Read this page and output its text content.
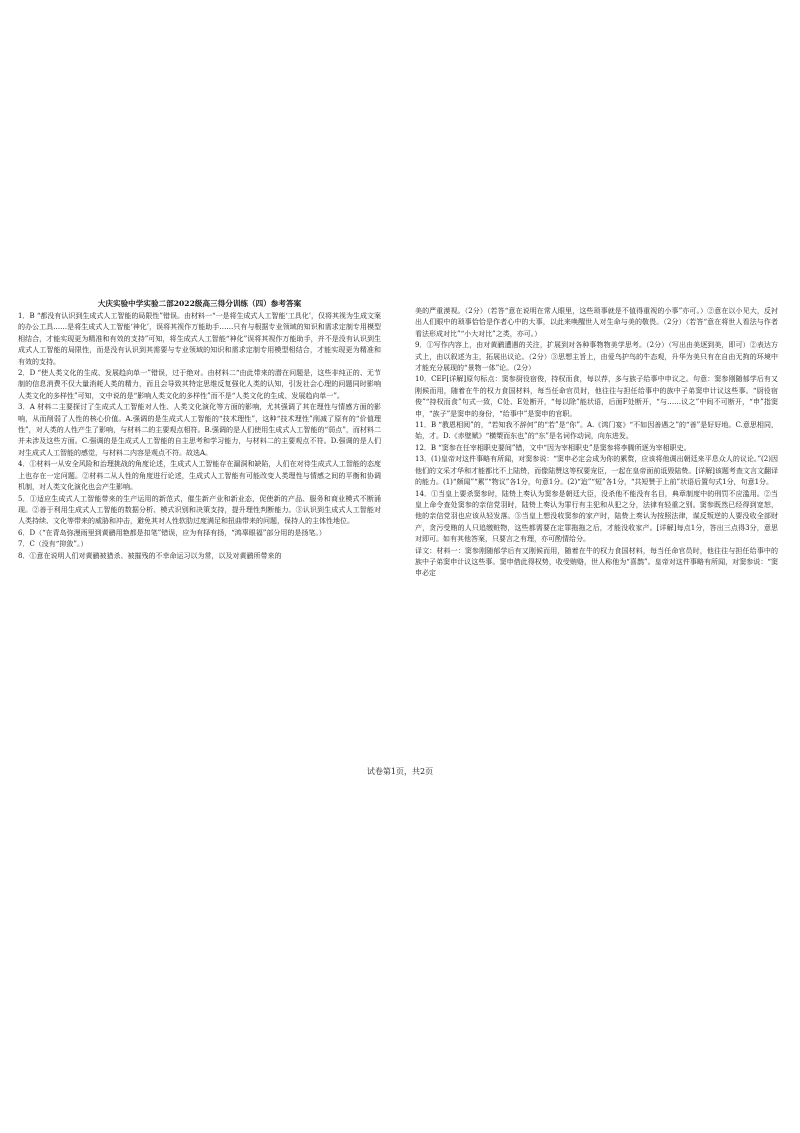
大庆实验中学实验二部2022级高三得分训练（四）参考答案

1．B “都没有认识到生成式人工智能的局限性”错误。由材料一“一是将生成式人工智能‘工具化’，仅将其视为生成文案的办公工具……是将生成式人工智能‘神化’，误将其视作万能助手……只有与根据专业领域的知识和需求定制专用模型相结合，才能实现更为精准和有效的支持”可知，将生成式人工智能“神化”误将其视作万能助手，并不是没有认识到生成式人工智能的局限性，而是没有认识到其需要与专业领域的知识和需求定制专用模型相结合，才能实现更为精准和有效的支持。

2．D “使人类文化的生成、发展趋向单一”错误，过于绝对。由材料二“由此带来的潜在问题是，这些非纯正的、无节制的信息消费不仅大量消耗人类的精力，而且会导致其特定思维反复强化人类的认知，引发社会心理的问题同时影响人类文化的多样性”可知，文中说的是“影响人类文化的多样性”而不是“人类文化的生成、发展趋向单一”。

3．A 材料二主要探讨了生成式人工智能对人性、人类文化演化等方面的影响，尤其强调了其在理性与情感方面的影响，从而削弱了人性的核心价值。A.强调的是生成式人工智能的“技术理性”，这种“技术理性”削减了原有的“价值理性”，对人类的人性产生了影响，与材料二的主要观点相符。B.强调的是人们使用生成式人工智能的“弱点”，而材料二并未涉及这些方面。C.强调的是生成式人工智能的自主思考和学习能力，与材料二的主要观点不符。D.强调的是人们对生成式人工智能的感觉，与材料二内容是观点不符。故选A。

4．①材料一从安全风险和治理挑战的角度论述，生成式人工智能存在漏洞和缺陷，人们在对待生成式人工智能的态度上也存在一定问题。②材料二从人性的角度进行论述，生成式人工智能有可能改变人类理性与情感之间的平衡和协调机制，对人类文化演化也会产生影响。

5．①适应生成式人工智能带来的生产运用的新范式，催生新产业和新业态，促使新的产品、服务和商业模式不断涌现。②善于利用生成式人工智能的数据分析、模式识别和决策支持，提升理性判断能力。③认识到生成式人工智能对人类持续、文化等带来的威胁和冲击，避免其对人性软肋过度满足和扭曲带来的问题，保持人的主体性地位。

6．D（“在青岛弥漫雨里到黄鹂用艳都是扣笔”错误，应为有择有扬，“鸿辜眼福”部分用的是扬笔。）

7．C（没有“抑敛”。）

8．①意在说明人们对黄鹂被猎杀、被摧残的不幸命运习以为常，以及对黄鹂所带来的

美的严重漠视。（2分）（若答“意在说明在常人眼里，这些琐事就是不值得重视的小事”亦可。）②意在以小见大，反衬出人们眼中的琐事恰恰是作者心中的大事，以此来唤醒世人对生命与美的敬畏。（2分）（若答“意在将世人看法与作者看法形成对比”“小大对比”之类，亦可。）

9．①写作内容上，由对黄鹂遭遇的关注，扩展到对各种事物物美学思考。（2分）（写出由美逐到美，即可）②表达方式上，由以叙述为主，拓展出议论。（2分）③思想主旨上，由爱鸟护鸟的牛态观，升华为美只有在自由无拘的环境中才能充分展现的“景物一体”论。（2分）

10．CEF[详解]原句标点：窦参厨役宿俊，持权而食，每以荐，多与族子给事中申议之。句意：窦参刚随郁学后有又刚候而用，随着在牛的权力食国材料，每当任命官员时，他往往与担任给事中的族中子弟窦申计议这些事。“厨役宿俊”“持权而食”句式一致，C处、E处断开，“每以除”能状语，后面F处断开，“与……议之”中间不可断开，“申”指窦申，“族子”是窦申的身份，“给事中”是窦申的官职。

11．B “教恩相阅”的，“若知我不辞何”的“若”是“你”。A.《鸿门宴》“不如因善遇之”的“善”是好好地。C.意思相同，始，才。D.《赤壁赋》“横槊而东也”的“东”是名词作动词，向东进发。

12．B “窦参在任宰相职史要间”错，文中“因为宰相职史”是窦参将李腾所逐为宰相职史。

13．(1)皇帝对这件事略有所闻，对窦参说：“窦申必定会成为你的累赘，应该将他调出朝廷来平息众人的议论。”(2)因他们的文采才华和才能都比不上陆贽，而像陆赞这等权要宠臣，一起在皇帝面前诋毁陆贽。[详解]该题考查文言文翻译的能力。(1)“颇闻”“累”“物议”各1分，句意1分。(2)“迨”“短”各1分，“共短赞于上前”状语后置句式1分，句意1分。

14．①当皇上要杀窦参时，陆贽上奏认为窦参是朝廷大臣，没杀他不能没有名目，典章制度中的刑罚不应滥用。②当皇上命令查处窦参的亲信党羽时，陆贽上奏认为罪行有主犯和从犯之分，法律有轻重之别。窦参既然已经得到宽恕，他的亲信党羽也应该从轻发落。③当皇上想没收窦参的家产时，陆贽上奏认为按照法律，谋反叛逆的人要没收全部财产，贪污受贿的人只追缴赃物，这些都需要在定罪拖拖之后，才能没收家产。[详解]每点1分，答出三点得3分，意思对即可。如有其他答案，只要言之有理，亦可酌情给分。

译文：材料一：窦参刚随郁学后有又刚候而用，随着在牛的权力食国材料，每当任命官员时，他往往与担任给事中的族中子弟窦申计议这些事。窦申借此得权势，收受贿赂，世人称他为“喜鹊”。皇帝对这件事略有所闻，对窦参说：“窦申必定

试卷第1页，共2页
